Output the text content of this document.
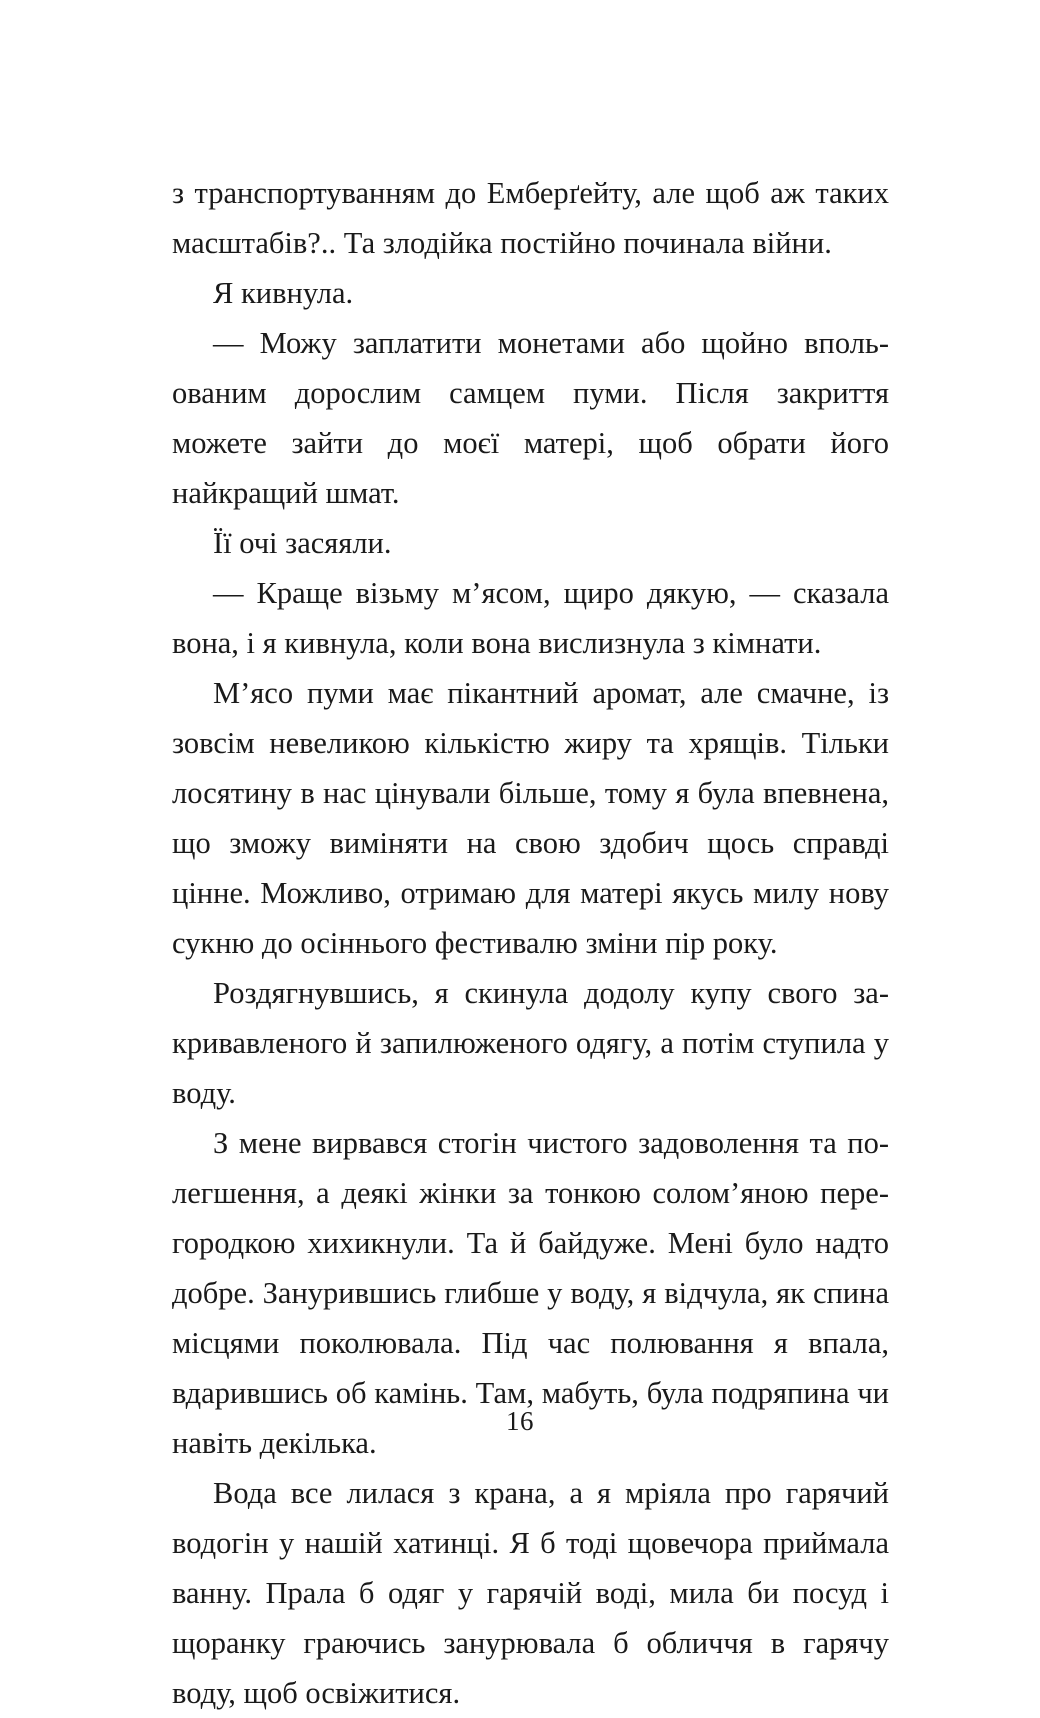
з транспортуванням до Емберґейту, але щоб аж таких масштабів?.. Та злодійка постійно починала війни.

Я кивнула.

— Можу заплатити монетами або щойно впольованим дорослим самцем пуми. Після закриття можете зайти до моєї матері, щоб обрати його найкращий шмат.

Її очі засяяли.

— Краще візьму м’ясом, щиро дякую, — сказала вона, і я кивнула, коли вона вислизнула з кімнати.

М’ясо пуми має пікантний аромат, але смачне, із зовсім невеликою кількістю жиру та хрящів. Тільки лосятину в нас цінували більше, тому я була впевнена, що зможу виміняти на свою здобич щось справді цінне. Можливо, отримаю для матері якусь милу нову сукню до осіннього фестивалю зміни пір року.

Роздягнувшись, я скинула додолу купу свого закривавленого й запилюженого одягу, а потім ступила у воду.

З мене вирвався стогін чистого задоволення та полегшення, а деякі жінки за тонкою солом’яною перегородкою хихикнули. Та й байдуже. Мені було надто добре. Занурившись глибше у воду, я відчула, як спина місцями поколювала. Під час полювання я впала, вдарившись об камінь. Там, мабуть, була подряпина чи навіть декілька.

Вода все лилася з крана, а я мріяла про гарячий водогін у нашій хатинці. Я б тоді щовечора приймала ванну. Прала б одяг у гарячій воді, мила би посуд і щоранку граючись занурювала б обличчя в гарячу воду, щоб освіжитися.

16
